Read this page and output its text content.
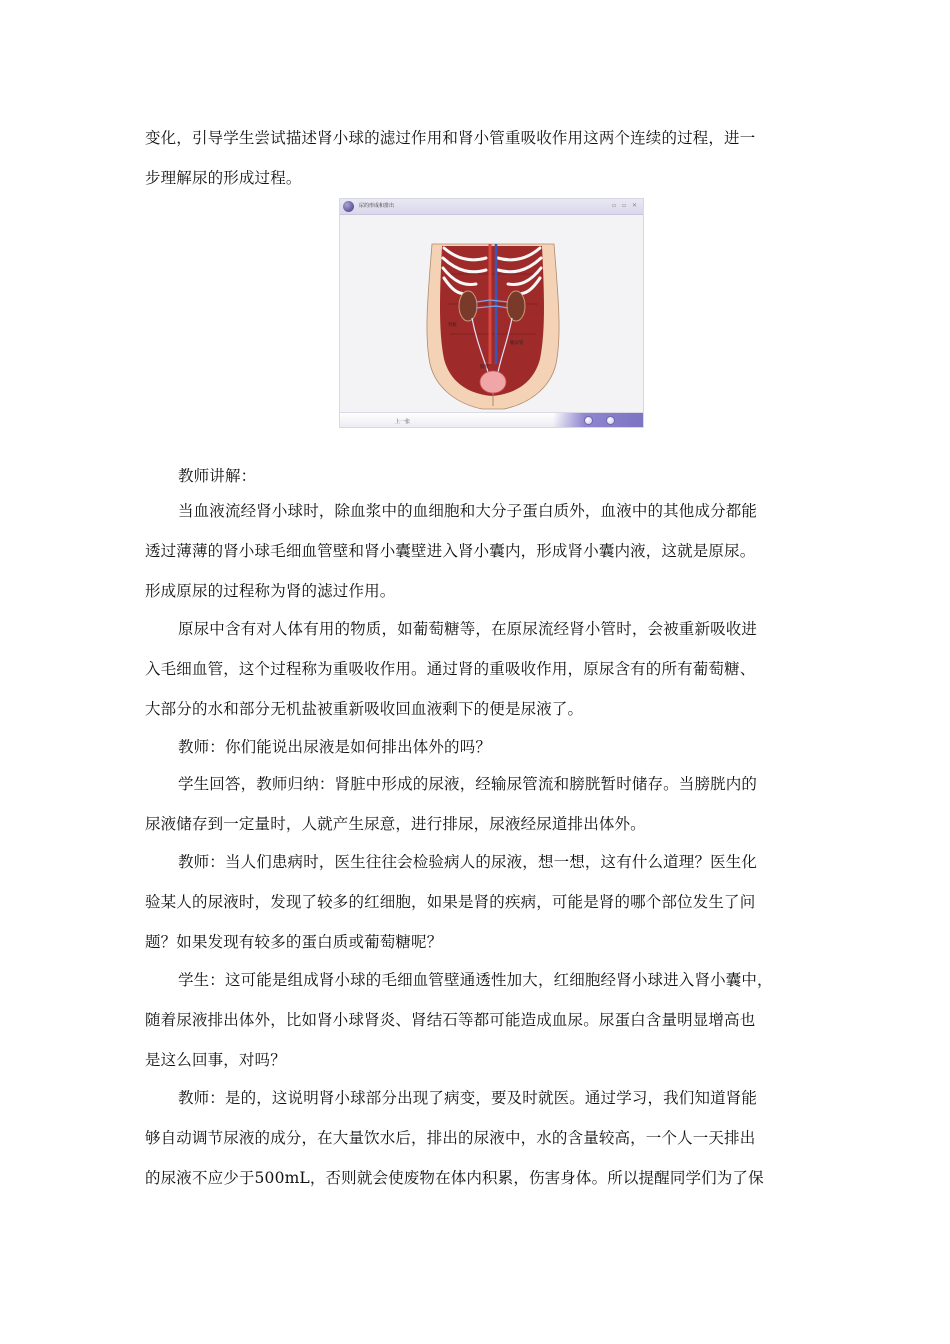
变化，引导学生尝试描述肾小球的滤过作用和肾小管重吸收作用这两个连续的过程，进一
步理解尿的形成过程。
尿的形成和排出	▫ ▫ ✕
肾脏
输尿管
膀胱
上一张
教师讲解：
当血液流经肾小球时，除血浆中的血细胞和大分子蛋白质外，血液中的其他成分都能
透过薄薄的肾小球毛细血管壁和肾小囊壁进入肾小囊内，形成肾小囊内液，这就是原尿。
形成原尿的过程称为肾的滤过作用。
原尿中含有对人体有用的物质，如葡萄糖等，在原尿流经肾小管时，会被重新吸收进
入毛细血管，这个过程称为重吸收作用。通过肾的重吸收作用，原尿含有的所有葡萄糖、
大部分的水和部分无机盐被重新吸收回血液剩下的便是尿液了。
教师：你们能说出尿液是如何排出体外的吗？
学生回答，教师归纳：肾脏中形成的尿液，经输尿管流和膀胱暂时储存。当膀胱内的
尿液储存到一定量时，人就产生尿意，进行排尿，尿液经尿道排出体外。
教师：当人们患病时，医生往往会检验病人的尿液，想一想，这有什么道理？医生化
验某人的尿液时，发现了较多的红细胞，如果是肾的疾病，可能是肾的哪个部位发生了问
题？如果发现有较多的蛋白质或葡萄糖呢？
学生：这可能是组成肾小球的毛细血管壁通透性加大，红细胞经肾小球进入肾小囊中，
随着尿液排出体外，比如肾小球肾炎、肾结石等都可能造成血尿。尿蛋白含量明显增高也
是这么回事，对吗？
教师：是的，这说明肾小球部分出现了病变，要及时就医。通过学习，我们知道肾能
够自动调节尿液的成分，在大量饮水后，排出的尿液中，水的含量较高，一个人一天排出
的尿液不应少于500mL，否则就会使废物在体内积累，伤害身体。所以提醒同学们为了保
